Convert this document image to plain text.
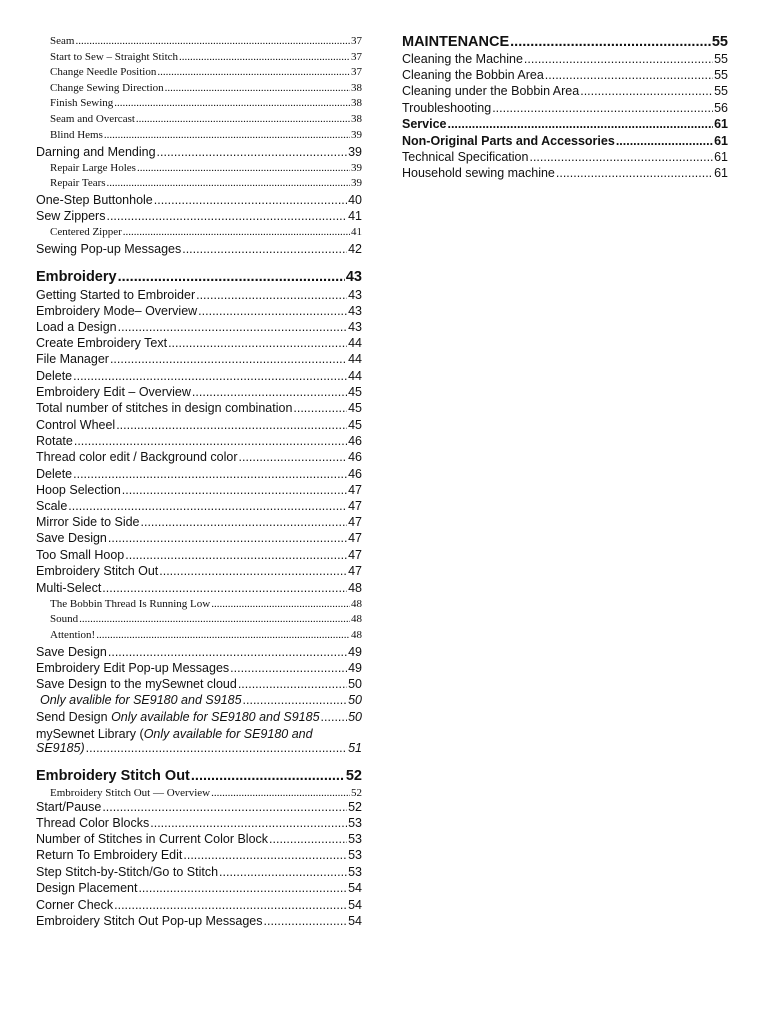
Seam .....	37
Start to Sew – Straight Stitch .....	37
Change Needle Position .....	37
Change Sewing Direction .....	38
Finish Sewing .....	38
Seam and Overcast .....	38
Blind Hems .....	39
Darning and Mending .....	39
Repair Large Holes .....	39
Repair Tears .....	39
One-Step Buttonhole .....	40
Sew Zippers .....	41
Centered Zipper .....	41
Sewing Pop-up Messages .....	42
Embroidery .....	43
Getting Started to Embroider .....	43
Embroidery Mode– Overview .....	43
Load a Design .....	43
Create Embroidery Text .....	44
File Manager .....	44
Delete .....	44
Embroidery Edit – Overview .....	45
Total number of stitches in design combination .....	45
Control Wheel .....	45
Rotate .....	46
Thread color edit / Background color .....	46
Delete .....	46
Hoop Selection .....	47
Scale .....	47
Mirror Side to Side .....	47
Save Design .....	47
Too Small Hoop .....	47
Embroidery Stitch Out .....	47
Multi-Select .....	48
The Bobbin Thread Is Running Low .....	48
Sound .....	48
Attention! .....	48
Save Design .....	49
Embroidery Edit Pop-up Messages .....	49
Save Design to the mySewnet cloud .....	50
Only avalible for SE9180 and S9185 .....	50
Send Design Only available for SE9180 and S9185 ..... 50
mySewnet Library (Only available for SE9180 and
SE9185) .....	51
Embroidery Stitch Out .....	52
Embroidery Stitch Out — Overview .....	52
Start/Pause .....	52
Thread Color Blocks .....	53
Number of Stitches in Current Color Block .....	53
Return To Embroidery Edit .....	53
Step Stitch-by-Stitch/Go to Stitch .....	53
Design Placement .....	54
Corner Check .....	54
Embroidery Stitch Out Pop-up Messages .....	54
MAINTENANCE .....	55
Cleaning the Machine .....	55
Cleaning the Bobbin Area .....	55
Cleaning under the Bobbin Area .....	55
Troubleshooting .....	56
Service .....	61
Non-Original Parts and Accessories .....	61
Technical Specification .....	61
Household sewing machine .....	61
